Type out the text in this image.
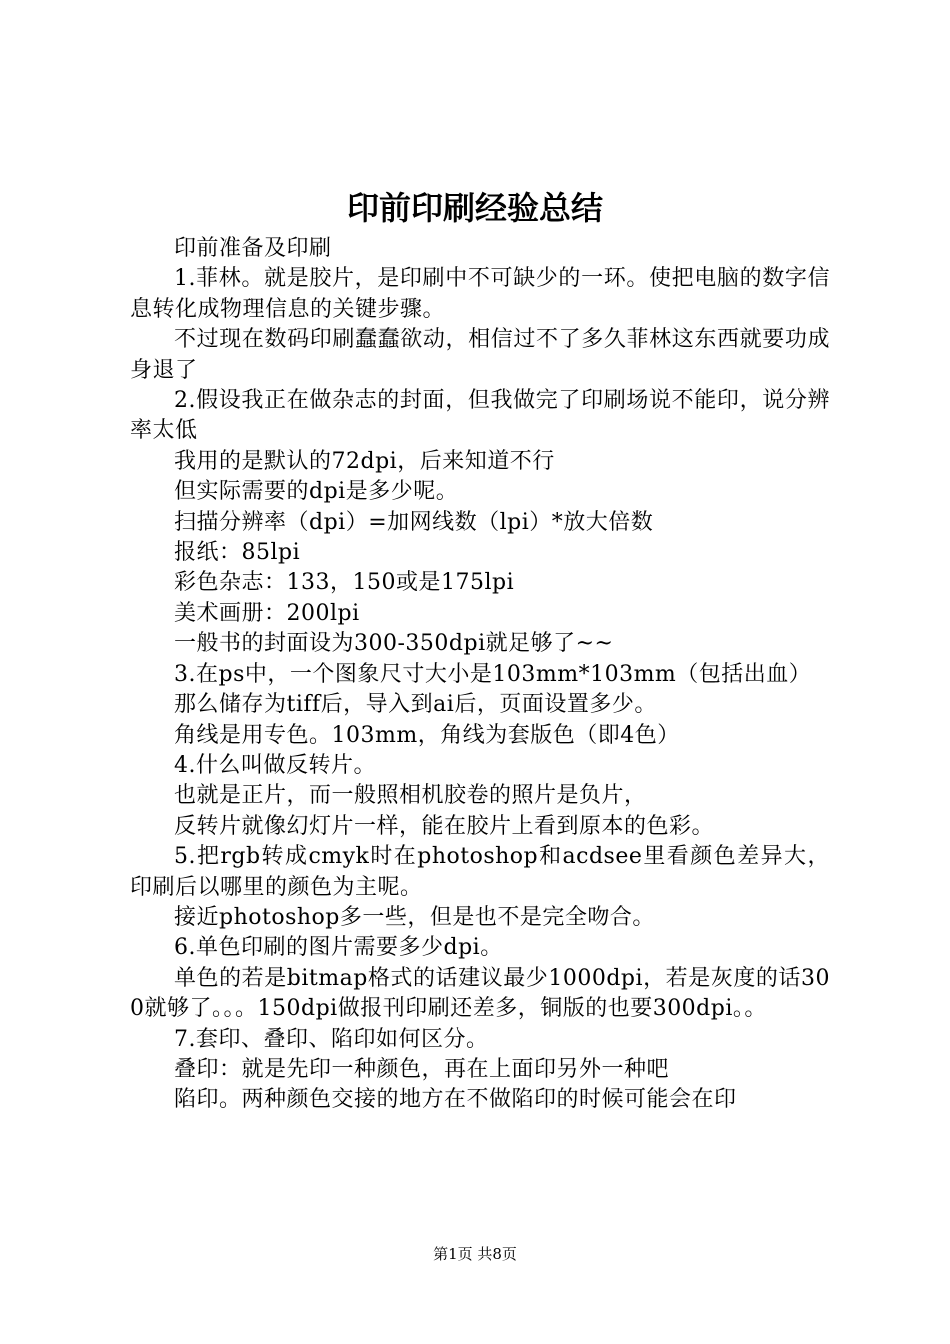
印前印刷经验总结

印前准备及印刷

1.菲林。就是胶片，是印刷中不可缺少的一环。使把电脑的数字信息转化成物理信息的关键步骤。

不过现在数码印刷蠢蠢欲动，相信过不了多久菲林这东西就要功成身退了

2.假设我正在做杂志的封面，但我做完了印刷场说不能印，说分辨率太低

我用的是默认的72dpi，后来知道不行

但实际需要的dpi是多少呢。

扫描分辨率（dpi）=加网线数（lpi）*放大倍数

报纸：85lpi

彩色杂志：133，150或是175lpi

美术画册：200lpi

一般书的封面设为300-350dpi就足够了~~

3.在ps中，一个图象尺寸大小是103mm*103mm（包括出血）

那么储存为tiff后，导入到ai后，页面设置多少。

角线是用专色。103mm，角线为套版色（即4色）

4.什么叫做反转片。

也就是正片，而一般照相机胶卷的照片是负片，

反转片就像幻灯片一样，能在胶片上看到原本的色彩。

5.把rgb转成cmyk时在photoshop和acdsee里看颜色差异大，印刷后以哪里的颜色为主呢。

接近photoshop多一些，但是也不是完全吻合。

6.单色印刷的图片需要多少dpi。

单色的若是bitmap格式的话建议最少1000dpi，若是灰度的话300就够了。。。150dpi做报刊印刷还差多，铜版的也要300dpi。。

7.套印、叠印、陷印如何区分。

叠印：就是先印一种颜色，再在上面印另外一种吧

陷印。两种颜色交接的地方在不做陷印的时候可能会在印

第1页 共8页
